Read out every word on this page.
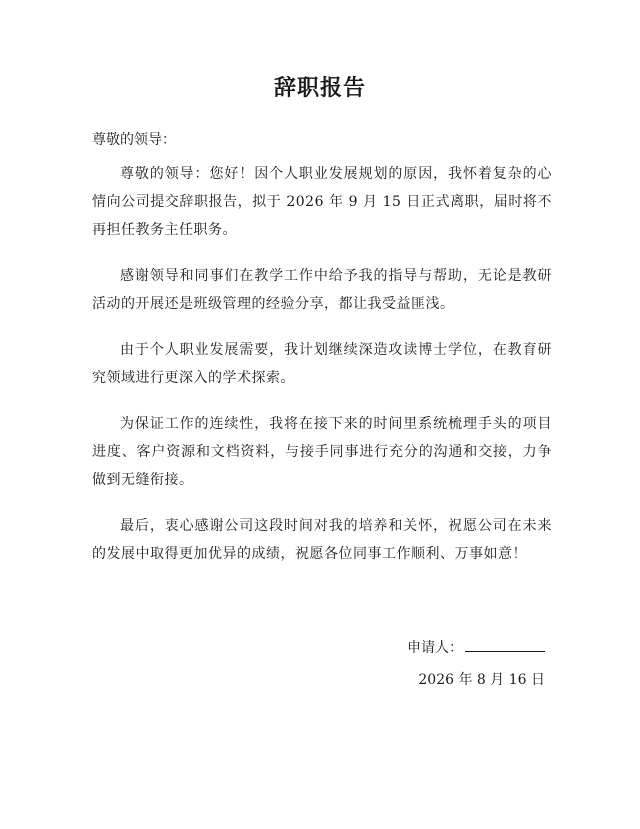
辞职报告
尊敬的领导：

尊敬的领导：您好！因个人职业发展规划的原因，我怀着复杂的心情向公司提交辞职报告，拟于 2026 年 9 月 15 日正式离职，届时将不再担任教务主任职务。

感谢领导和同事们在教学工作中给予我的指导与帮助，无论是教研活动的开展还是班级管理的经验分享，都让我受益匪浅。

由于个人职业发展需要，我计划继续深造攻读博士学位，在教育研究领域进行更深入的学术探索。

为保证工作的连续性，我将在接下来的时间里系统梳理手头的项目进度、客户资源和文档资料，与接手同事进行充分的沟通和交接，力争做到无缝衔接。

最后，衷心感谢公司这段时间对我的培养和关怀，祝愿公司在未来的发展中取得更加优异的成绩，祝愿各位同事工作顺利、万事如意！

申请人：
2026 年 8 月 16 日
